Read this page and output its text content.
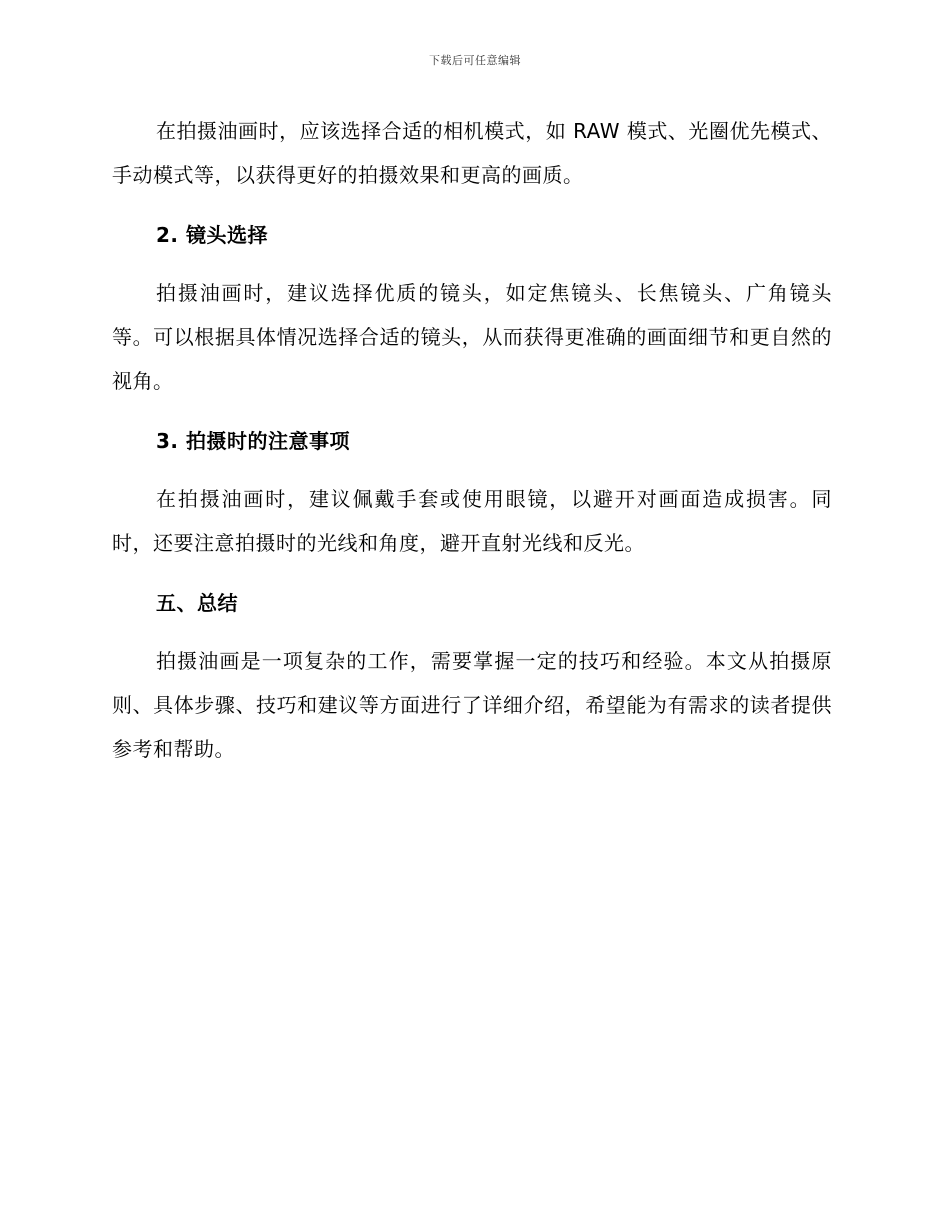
下载后可任意编辑

在拍摄油画时，应该选择合适的相机模式，如 RAW 模式、光圈优先模式、手动模式等，以获得更好的拍摄效果和更高的画质。

2. 镜头选择

拍摄油画时，建议选择优质的镜头，如定焦镜头、长焦镜头、广角镜头等。可以根据具体情况选择合适的镜头，从而获得更准确的画面细节和更自然的视角。

3. 拍摄时的注意事项

在拍摄油画时，建议佩戴手套或使用眼镜，以避开对画面造成损害。同时，还要注意拍摄时的光线和角度，避开直射光线和反光。

五、总结

拍摄油画是一项复杂的工作，需要掌握一定的技巧和经验。本文从拍摄原则、具体步骤、技巧和建议等方面进行了详细介绍，希望能为有需求的读者提供参考和帮助。
